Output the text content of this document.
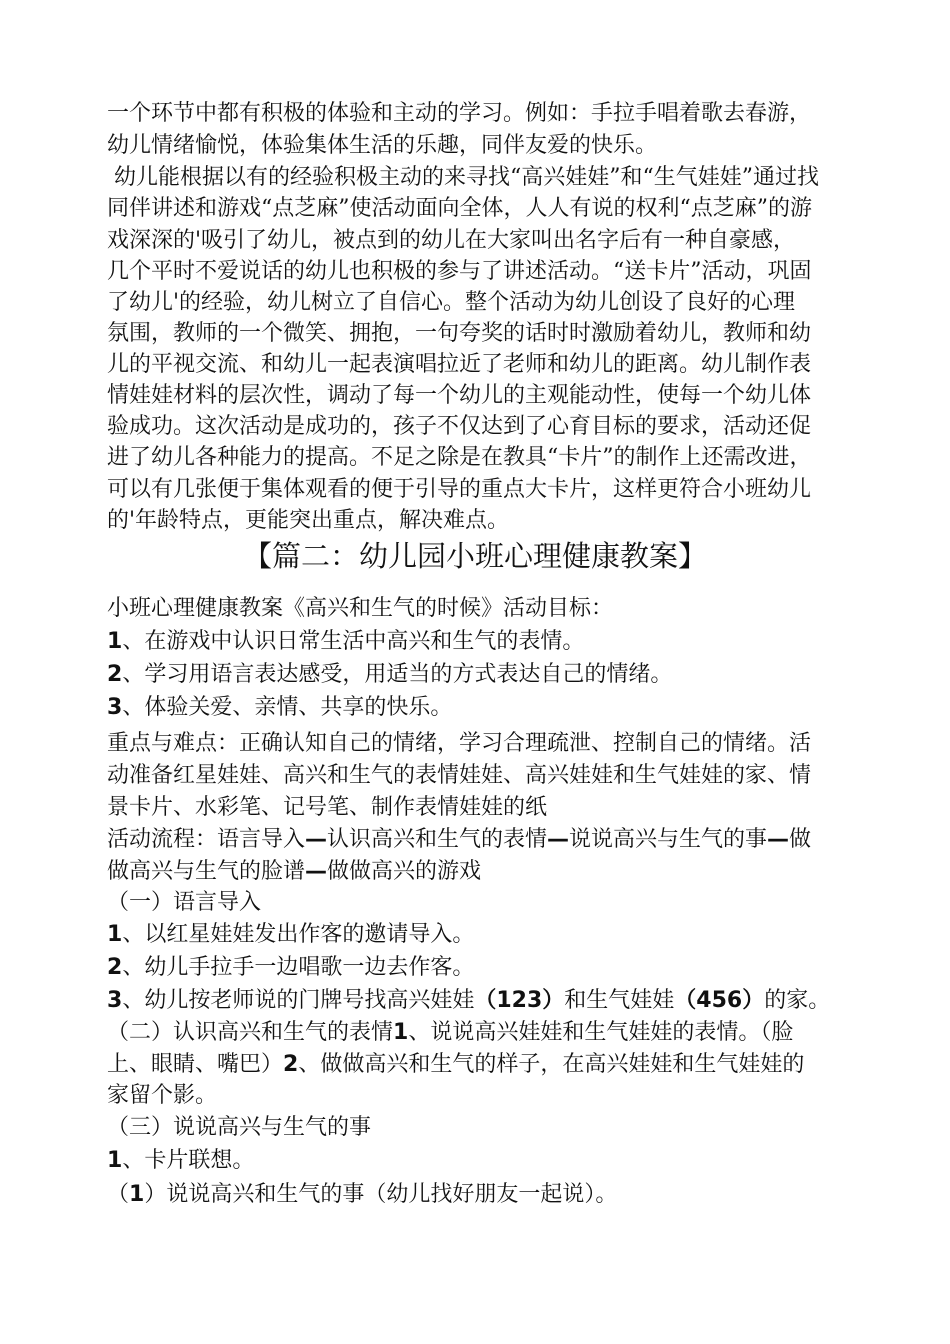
一个环节中都有积极的体验和主动的学习。例如：手拉手唱着歌去春游，
幼儿情绪愉悦，体验集体生活的乐趣，同伴友爱的快乐。
幼儿能根据以有的经验积极主动的来寻找“高兴娃娃”和“生气娃娃”通过找
同伴讲述和游戏“点芝麻”使活动面向全体，人人有说的权利“点芝麻”的游
戏深深的'吸引了幼儿，被点到的幼儿在大家叫出名字后有一种自豪感，
几个平时不爱说话的幼儿也积极的参与了讲述活动。“送卡片”活动，巩固
了幼儿'的经验，幼儿树立了自信心。整个活动为幼儿创设了良好的心理
氛围，教师的一个微笑、拥抱，一句夸奖的话时时激励着幼儿，教师和幼
儿的平视交流、和幼儿一起表演唱拉近了老师和幼儿的距离。幼儿制作表
情娃娃材料的层次性，调动了每一个幼儿的主观能动性，使每一个幼儿体
验成功。这次活动是成功的，孩子不仅达到了心育目标的要求，活动还促
进了幼儿各种能力的提高。不足之除是在教具“卡片”的制作上还需改进，
可以有几张便于集体观看的便于引导的重点大卡片，这样更符合小班幼儿
的'年龄特点，更能突出重点，解决难点。
【篇二：幼儿园小班心理健康教案】
小班心理健康教案《高兴和生气的时候》活动目标：
1、在游戏中认识日常生活中高兴和生气的表情。
2、学习用语言表达感受，用适当的方式表达自己的情绪。
3、体验关爱、亲情、共享的快乐。
重点与难点：正确认知自己的情绪，学习合理疏泄、控制自己的情绪。活
动准备红星娃娃、高兴和生气的表情娃娃、高兴娃娃和生气娃娃的家、情
景卡片、水彩笔、记号笔、制作表情娃娃的纸
活动流程：语言导入—认识高兴和生气的表情—说说高兴与生气的事—做
做高兴与生气的脸谱—做做高兴的游戏
（一）语言导入
1、以红星娃娃发出作客的邀请导入。
2、幼儿手拉手一边唱歌一边去作客。
3、幼儿按老师说的门牌号找高兴娃娃（123）和生气娃娃（456）的家。
（二）认识高兴和生气的表情1、说说高兴娃娃和生气娃娃的表情。（脸
上、眼睛、嘴巴）2、做做高兴和生气的样子，在高兴娃娃和生气娃娃的
家留个影。
（三）说说高兴与生气的事
1、卡片联想。
（1）说说高兴和生气的事（幼儿找好朋友一起说）。
